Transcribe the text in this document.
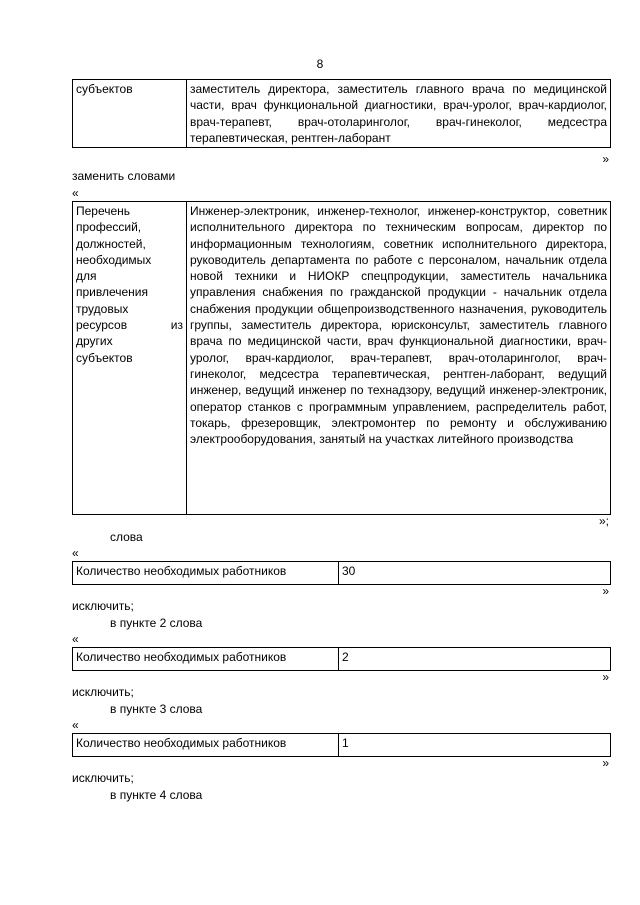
8
субъектов	заместитель директора, заместитель главного врача по медицинской части, врач функциональной диагностики, врач-уролог, врач-кардиолог, врач-терапевт, врач-отоларинголог, врач-гинеколог, медсестра терапевтическая, рентген-лаборант
»
заменить словами
«
Перечень
профессий,
должностей,
необходимых
для
привлечения
трудовых
ресурсов	из
других
субъектов
	Инженер-электроник, инженер-технолог, инженер-конструктор, советник исполнительного директора по техническим вопросам, директор по информационным технологиям, советник исполнительного директора, руководитель департамента по работе с персоналом, начальник отдела новой техники и НИОКР спецпродукции, заместитель начальника управления снабжения по гражданской продукции - начальник отдела снабжения продукции общепроизводственного назначения, руководитель группы, заместитель директора, юрисконсульт, заместитель главного врача по медицинской части, врач функциональной диагностики, врач-уролог, врач-кардиолог, врач-терапевт, врач-отоларинголог, врач-гинеколог, медсестра терапевтическая, рентген-лаборант, ведущий инженер, ведущий инженер по технадзору, ведущий инженер-электроник, оператор станков с программным управлением, распределитель работ, токарь, фрезеровщик, электромонтер по ремонту и обслуживанию электрооборудования, занятый на участках литейного производства
»;
слова
«
Количество необходимых работников	30
»
исключить;
в пункте 2 слова
«
Количество необходимых работников	2
»
исключить;
в пункте 3 слова
«
Количество необходимых работников	1
»
исключить;
в пункте 4 слова
